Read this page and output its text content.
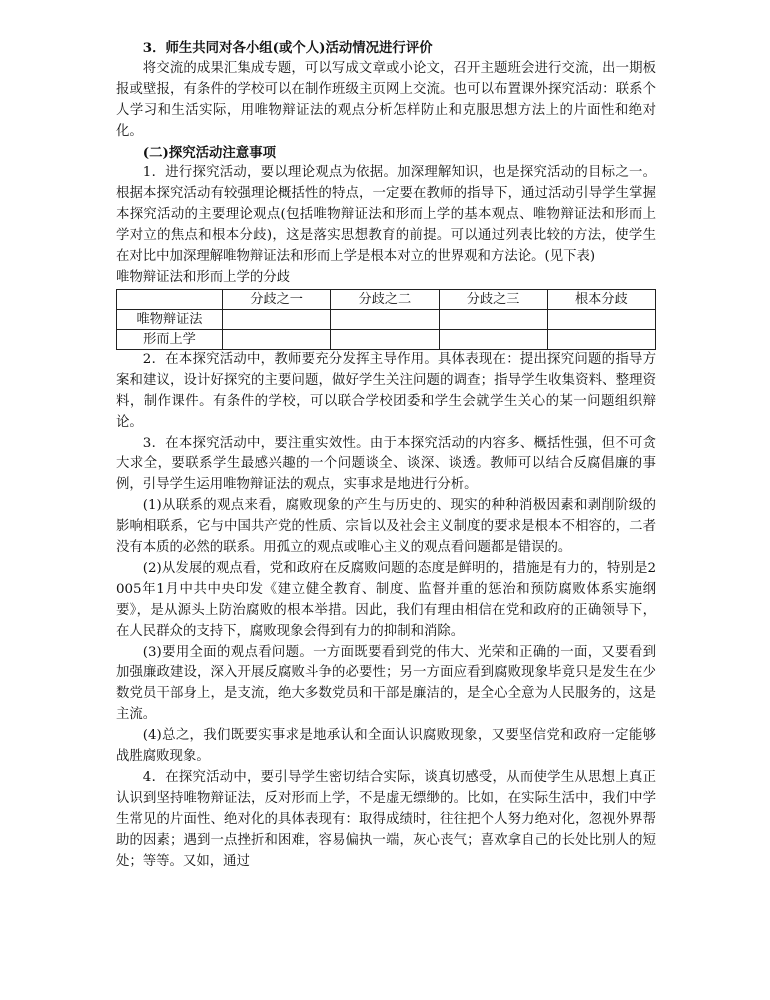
3．师生共同对各小组(或个人)活动情况进行评价

将交流的成果汇集成专题，可以写成文章或小论文，召开主题班会进行交流，出一期板报或壁报，有条件的学校可以在制作班级主页网上交流。也可以布置课外探究活动：联系个人学习和生活实际，用唯物辩证法的观点分析怎样防止和克服思想方法上的片面性和绝对化。

(二)探究活动注意事项

1．进行探究活动，要以理论观点为依据。加深理解知识，也是探究活动的目标之一。根据本探究活动有较强理论概括性的特点，一定要在教师的指导下，通过活动引导学生掌握本探究活动的主要理论观点(包括唯物辩证法和形而上学的基本观点、唯物辩证法和形而上学对立的焦点和根本分歧)，这是落实思想教育的前提。可以通过列表比较的方法，使学生在对比中加深理解唯物辩证法和形而上学是根本对立的世界观和方法论。(见下表)

唯物辩证法和形而上学的分歧

	分歧之一	分歧之二	分歧之三	根本分歧
唯物辩证法				
形而上学				

2．在本探究活动中，教师要充分发挥主导作用。具体表现在：提出探究问题的指导方案和建议，设计好探究的主要问题，做好学生关注问题的调查；指导学生收集资料、整理资料，制作课件。有条件的学校，可以联合学校团委和学生会就学生关心的某一问题组织辩论。

3．在本探究活动中，要注重实效性。由于本探究活动的内容多、概括性强，但不可贪大求全，要联系学生最感兴趣的一个问题谈全、谈深、谈透。教师可以结合反腐倡廉的事例，引导学生运用唯物辩证法的观点，实事求是地进行分析。

(1)从联系的观点来看，腐败现象的产生与历史的、现实的种种消极因素和剥削阶级的影响相联系，它与中国共产党的性质、宗旨以及社会主义制度的要求是根本不相容的，二者没有本质的必然的联系。用孤立的观点或唯心主义的观点看问题都是错误的。

(2)从发展的观点看，党和政府在反腐败问题的态度是鲜明的，措施是有力的，特别是2005年1月中共中央印发《建立健全教育、制度、监督并重的惩治和预防腐败体系实施纲要》，是从源头上防治腐败的根本举措。因此，我们有理由相信在党和政府的正确领导下，在人民群众的支持下，腐败现象会得到有力的抑制和消除。

(3)要用全面的观点看问题。一方面既要看到党的伟大、光荣和正确的一面，又要看到加强廉政建设，深入开展反腐败斗争的必要性；另一方面应看到腐败现象毕竟只是发生在少数党员干部身上，是支流，绝大多数党员和干部是廉洁的，是全心全意为人民服务的，这是主流。

(4)总之，我们既要实事求是地承认和全面认识腐败现象，又要坚信党和政府一定能够战胜腐败现象。

4．在探究活动中，要引导学生密切结合实际，谈真切感受，从而使学生从思想上真正认识到坚持唯物辩证法，反对形而上学，不是虚无缥缈的。比如，在实际生活中，我们中学生常见的片面性、绝对化的具体表现有：取得成绩时，往往把个人努力绝对化，忽视外界帮助的因素；遇到一点挫折和困难，容易偏执一端，灰心丧气；喜欢拿自己的长处比别人的短处；等等。又如，通过
